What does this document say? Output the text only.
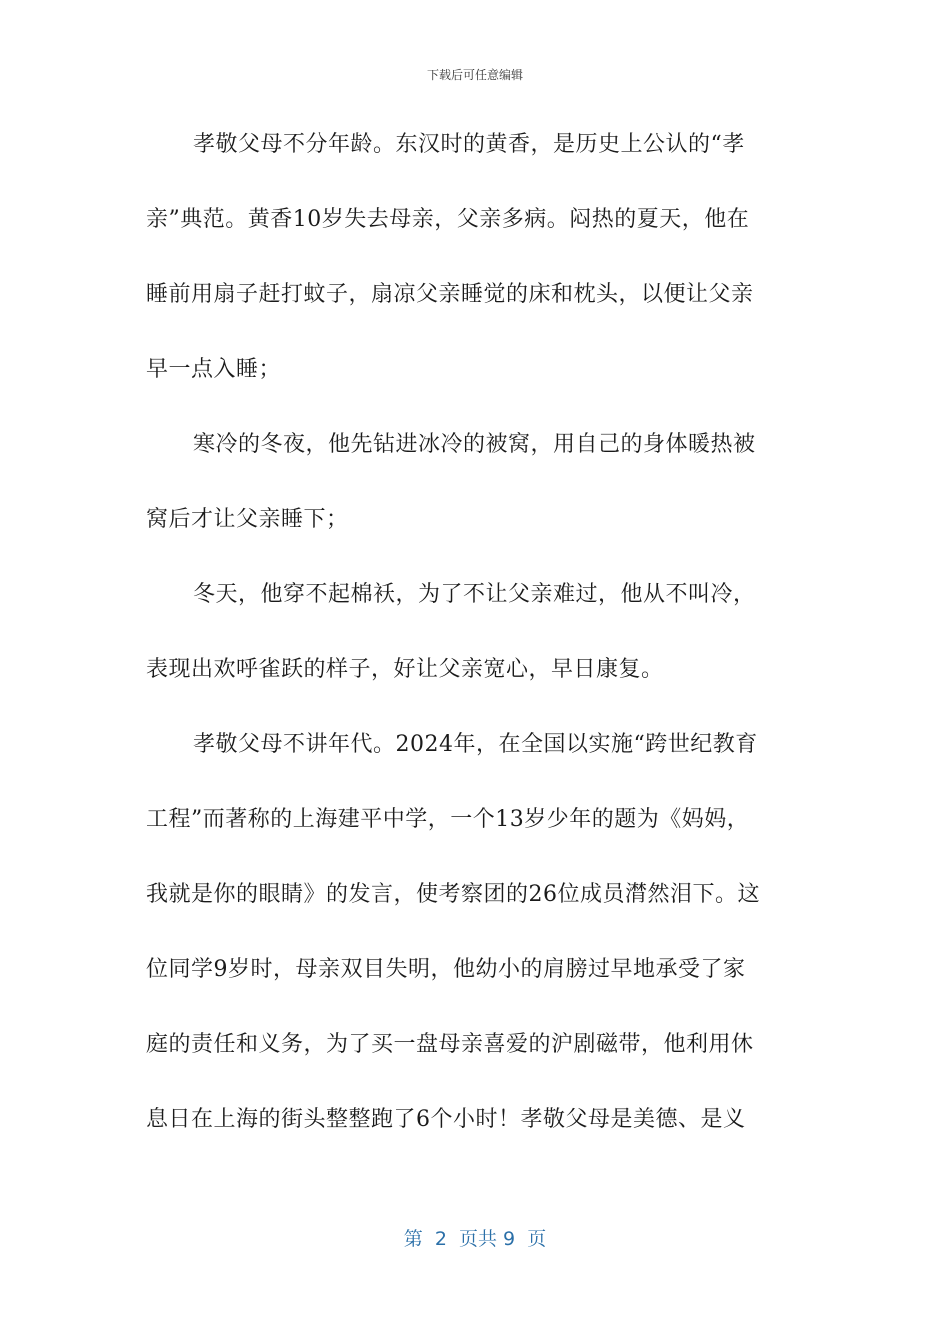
下载后可任意编辑
孝敬父母不分年龄。东汉时的黄香，是历史上公认的“孝
亲”典范。黄香10岁失去母亲，父亲多病。闷热的夏天，他在
睡前用扇子赶打蚊子，扇凉父亲睡觉的床和枕头，以便让父亲
早一点入睡；
寒冷的冬夜，他先钻进冰冷的被窝，用自己的身体暖热被
窝后才让父亲睡下；
冬天，他穿不起棉袄，为了不让父亲难过，他从不叫冷，
表现出欢呼雀跃的样子，好让父亲宽心，早日康复。
孝敬父母不讲年代。2024年，在全国以实施“跨世纪教育
工程”而著称的上海建平中学，一个13岁少年的题为《妈妈，
我就是你的眼睛》的发言，使考察团的26位成员潸然泪下。这
位同学9岁时，母亲双目失明，他幼小的肩膀过早地承受了家
庭的责任和义务，为了买一盘母亲喜爱的沪剧磁带，他利用休
息日在上海的街头整整跑了6个小时！孝敬父母是美德、是义
第  2  页共 9  页
